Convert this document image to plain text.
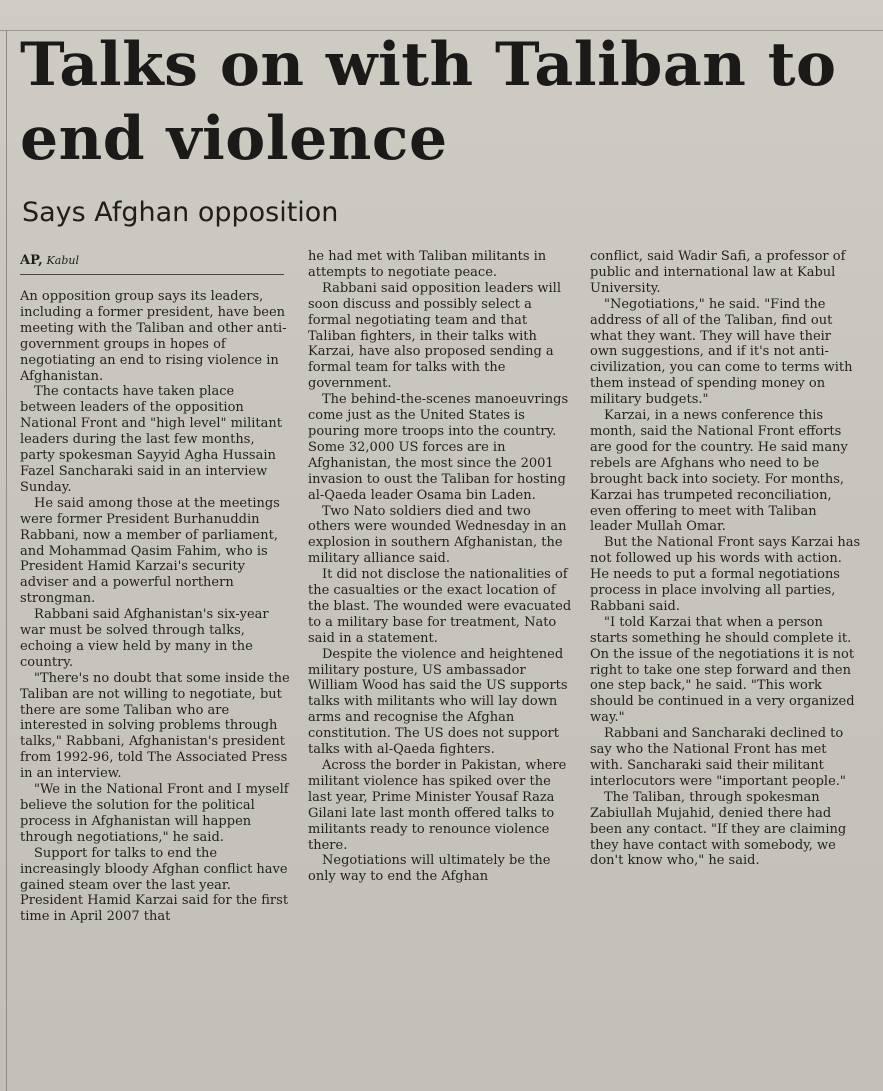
Talks on with Taliban to end violence
Says Afghan opposition
AP, Kabul

An opposition group says its leaders, including a former president, have been meeting with the Taliban and other anti-government groups in hopes of negotiating an end to rising violence in Afghanistan.

The contacts have taken place between leaders of the opposition National Front and "high level" militant leaders during the last few months, party spokesman Sayyid Agha Hussain Fazel Sancharaki said in an interview Sunday.

He said among those at the meetings were former President Burhanuddin Rabbani, now a member of parliament, and Mohammad Qasim Fahim, who is President Hamid Karzai's security adviser and a powerful northern strongman.

Rabbani said Afghanistan's six-year war must be solved through talks, echoing a view held by many in the country.

"There's no doubt that some inside the Taliban are not willing to negotiate, but there are some Taliban who are interested in solving problems through talks," Rabbani, Afghanistan's president from 1992-96, told The Associated Press in an interview.

"We in the National Front and I myself believe the solution for the political process in Afghanistan will happen through negotiations," he said.

Support for talks to end the increasingly bloody Afghan conflict have gained steam over the last year. President Hamid Karzai said for the first time in April 2007 that

he had met with Taliban militants in attempts to negotiate peace.

Rabbani said opposition leaders will soon discuss and possibly select a formal negotiating team and that Taliban fighters, in their talks with Karzai, have also proposed sending a formal team for talks with the government.

The behind-the-scenes manoeuvrings come just as the United States is pouring more troops into the country. Some 32,000 US forces are in Afghanistan, the most since the 2001 invasion to oust the Taliban for hosting al-Qaeda leader Osama bin Laden.

Two Nato soldiers died and two others were wounded Wednesday in an explosion in southern Afghanistan, the military alliance said.

It did not disclose the nationalities of the casualties or the exact location of the blast. The wounded were evacuated to a military base for treatment, Nato said in a statement.

Despite the violence and heightened military posture, US ambassador William Wood has said the US supports talks with militants who will lay down arms and recognise the Afghan constitution. The US does not support talks with al-Qaeda fighters.

Across the border in Pakistan, where militant violence has spiked over the last year, Prime Minister Yousaf Raza Gilani late last month offered talks to militants ready to renounce violence there.

Negotiations will ultimately be the only way to end the Afghan

conflict, said Wadir Safi, a professor of public and international law at Kabul University.

"Negotiations," he said. "Find the address of all of the Taliban, find out what they want. They will have their own suggestions, and if it's not anti-civilization, you can come to terms with them instead of spending money on military budgets."

Karzai, in a news conference this month, said the National Front efforts are good for the country. He said many rebels are Afghans who need to be brought back into society. For months, Karzai has trumpeted reconciliation, even offering to meet with Taliban leader Mullah Omar.

But the National Front says Karzai has not followed up his words with action. He needs to put a formal negotiations process in place involving all parties, Rabbani said.

"I told Karzai that when a person starts something he should complete it. On the issue of the negotiations it is not right to take one step forward and then one step back," he said. "This work should be continued in a very organized way."

Rabbani and Sancharaki declined to say who the National Front has met with. Sancharaki said their militant interlocutors were "important people."

The Taliban, through spokesman Zabiullah Mujahid, denied there had been any contact. "If they are claiming they have contact with somebody, we don't know who," he said.
